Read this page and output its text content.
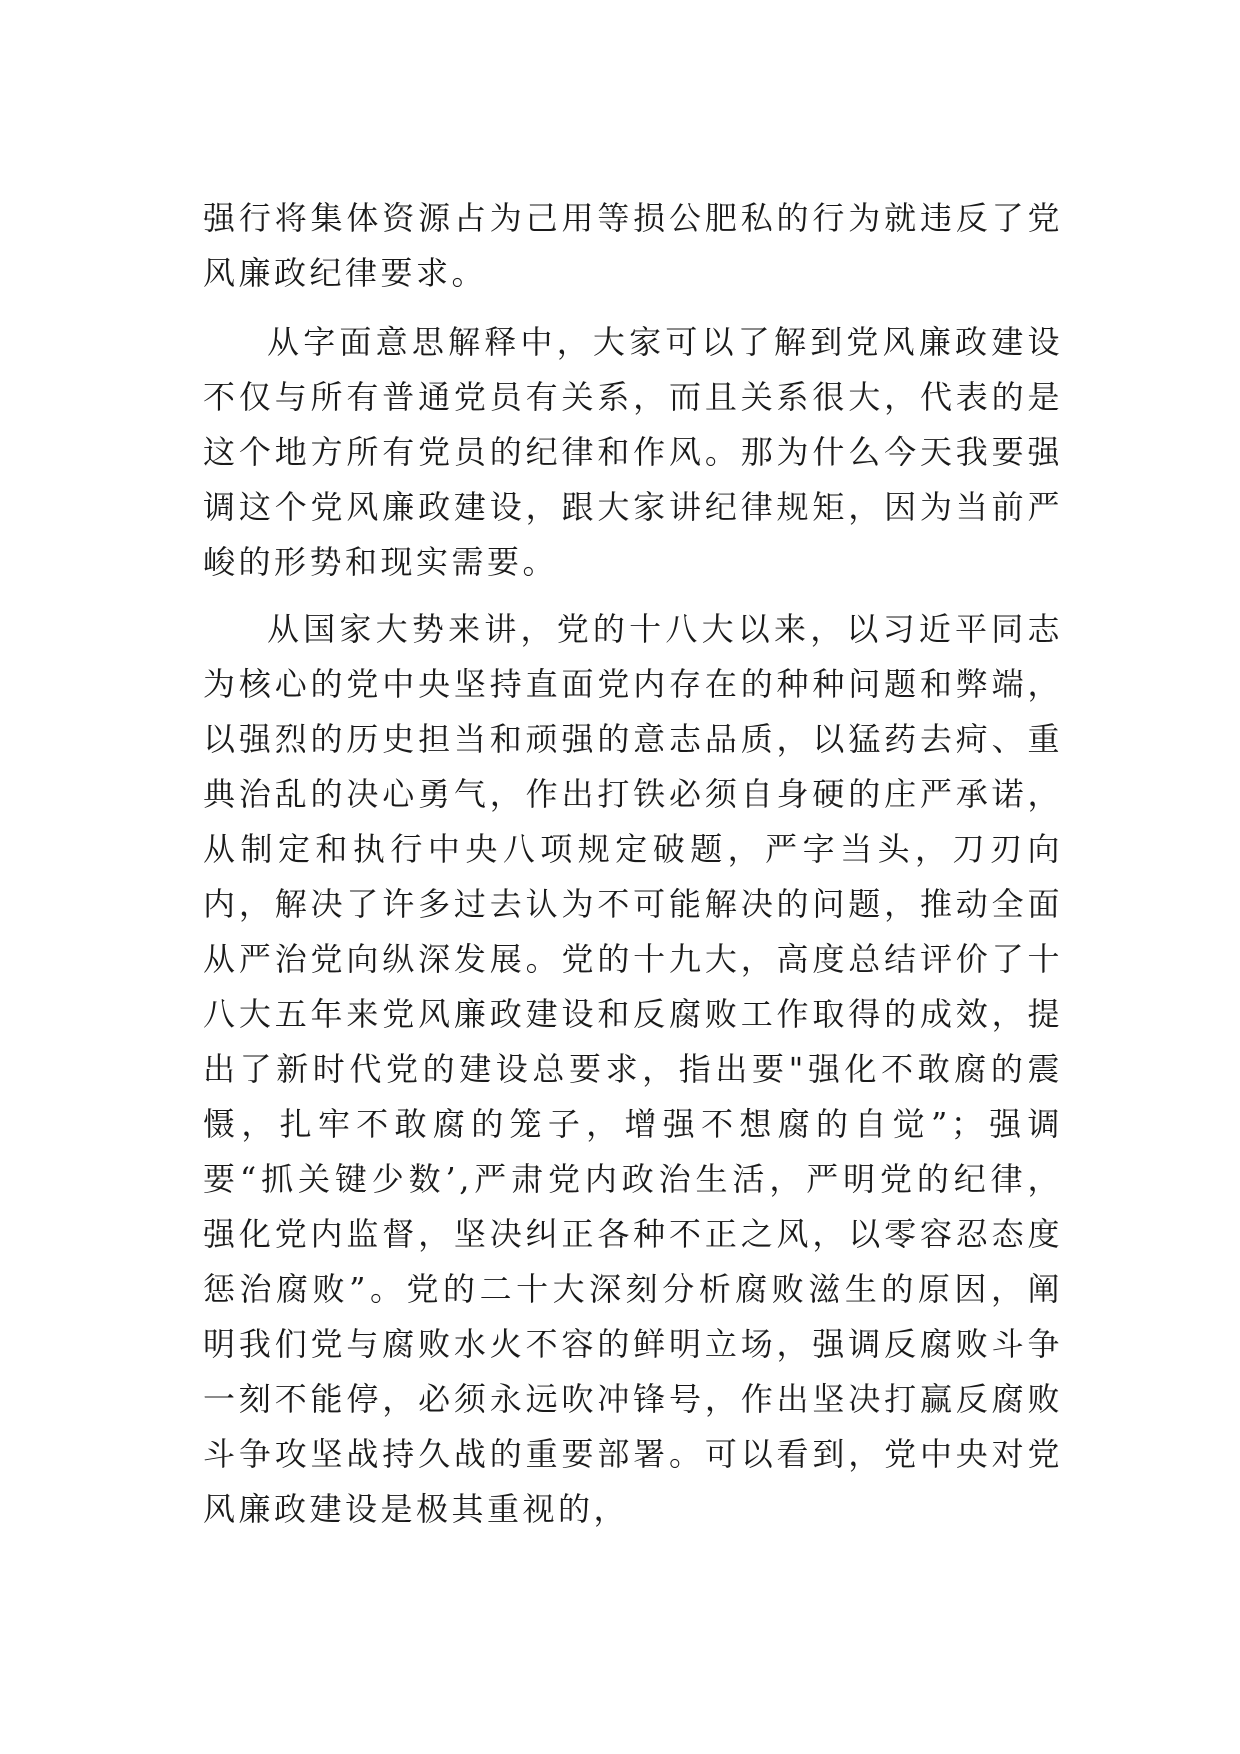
强行将集体资源占为己用等损公肥私的行为就违反了党风廉政纪律要求。

从字面意思解释中，大家可以了解到党风廉政建设不仅与所有普通党员有关系，而且关系很大，代表的是这个地方所有党员的纪律和作风。那为什么今天我要强调这个党风廉政建设，跟大家讲纪律规矩，因为当前严峻的形势和现实需要。

从国家大势来讲，党的十八大以来，以习近平同志为核心的党中央坚持直面党内存在的种种问题和弊端，以强烈的历史担当和顽强的意志品质，以猛药去疴、重典治乱的决心勇气，作出打铁必须自身硬的庄严承诺，从制定和执行中央八项规定破题，严字当头，刀刃向内，解决了许多过去认为不可能解决的问题，推动全面从严治党向纵深发展。党的十九大，高度总结评价了十八大五年来党风廉政建设和反腐败工作取得的成效，提出了新时代党的建设总要求，指出要"强化不敢腐的震慑，扎牢不敢腐的笼子，增强不想腐的自觉”；强调要“抓关键少数’,严肃党内政治生活，严明党的纪律，强化党内监督，坚决纠正各种不正之风，以零容忍态度惩治腐败”。党的二十大深刻分析腐败滋生的原因，阐明我们党与腐败水火不容的鲜明立场，强调反腐败斗争一刻不能停，必须永远吹冲锋号，作出坚决打赢反腐败斗争攻坚战持久战的重要部署。可以看到，党中央对党风廉政建设是极其重视的，
